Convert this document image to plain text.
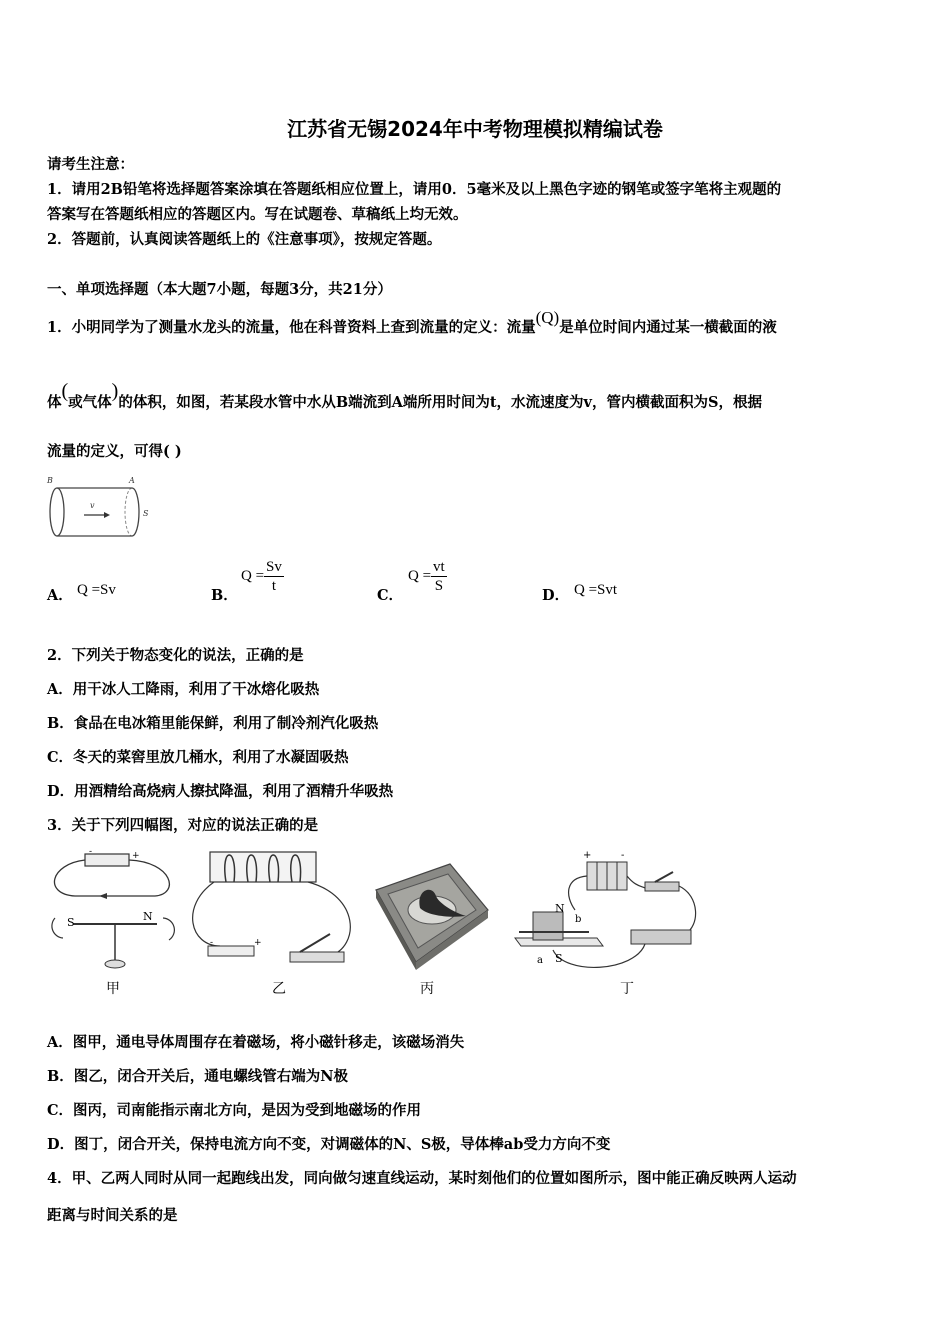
江苏省无锡2024年中考物理模拟精编试卷
请考生注意：
1．请用2B铅笔将选择题答案涂填在答题纸相应位置上，请用0．5毫米及以上黑色字迹的钢笔或签字笔将主观题的
答案写在答题纸相应的答题区内。写在试题卷、草稿纸上均无效。
2．答题前，认真阅读答题纸上的《注意事项》，按规定答题。
一、单项选择题（本大题7小题，每题3分，共21分）
1．小明同学为了测量水龙头的流量，他在科普资料上查到流量的定义：流量(Q)是单位时间内通过某一横截面的液
体(或气体)的体积，如图，若某段水管中水从B端流到A端所用时间为t，水流速度为v，管内横截面积为S，根据
流量的定义，可得( )
B	A
v
S
A． Q =Sv	B．
$Q = \frac{Sv}{t}$
C．
$Q = \frac{vt}{S}$
D． Q =Svt
2．下列关于物态变化的说法，正确的是
A．用干冰人工降雨，利用了干冰熔化吸热
B．食品在电冰箱里能保鲜，利用了制冷剂汽化吸热
C．冬天的菜窖里放几桶水，利用了水凝固吸热
D．用酒精给高烧病人擦拭降温，利用了酒精升华吸热
3．关于下列四幅图，对应的说法正确的是
-	+
S	N
甲
-	+
乙	丙
+	-
N
b
a S
丁
A．图甲，通电导体周围存在着磁场，将小磁针移走，该磁场消失
B．图乙，闭合开关后，通电螺线管右端为N极
C．图丙，司南能指示南北方向，是因为受到地磁场的作用
D．图丁，闭合开关，保持电流方向不变，对调磁体的N、S极，导体棒ab受力方向不变
4．甲、乙两人同时从同一起跑线出发，同向做匀速直线运动，某时刻他们的位置如图所示，图中能正确反映两人运动
距离与时间关系的是
